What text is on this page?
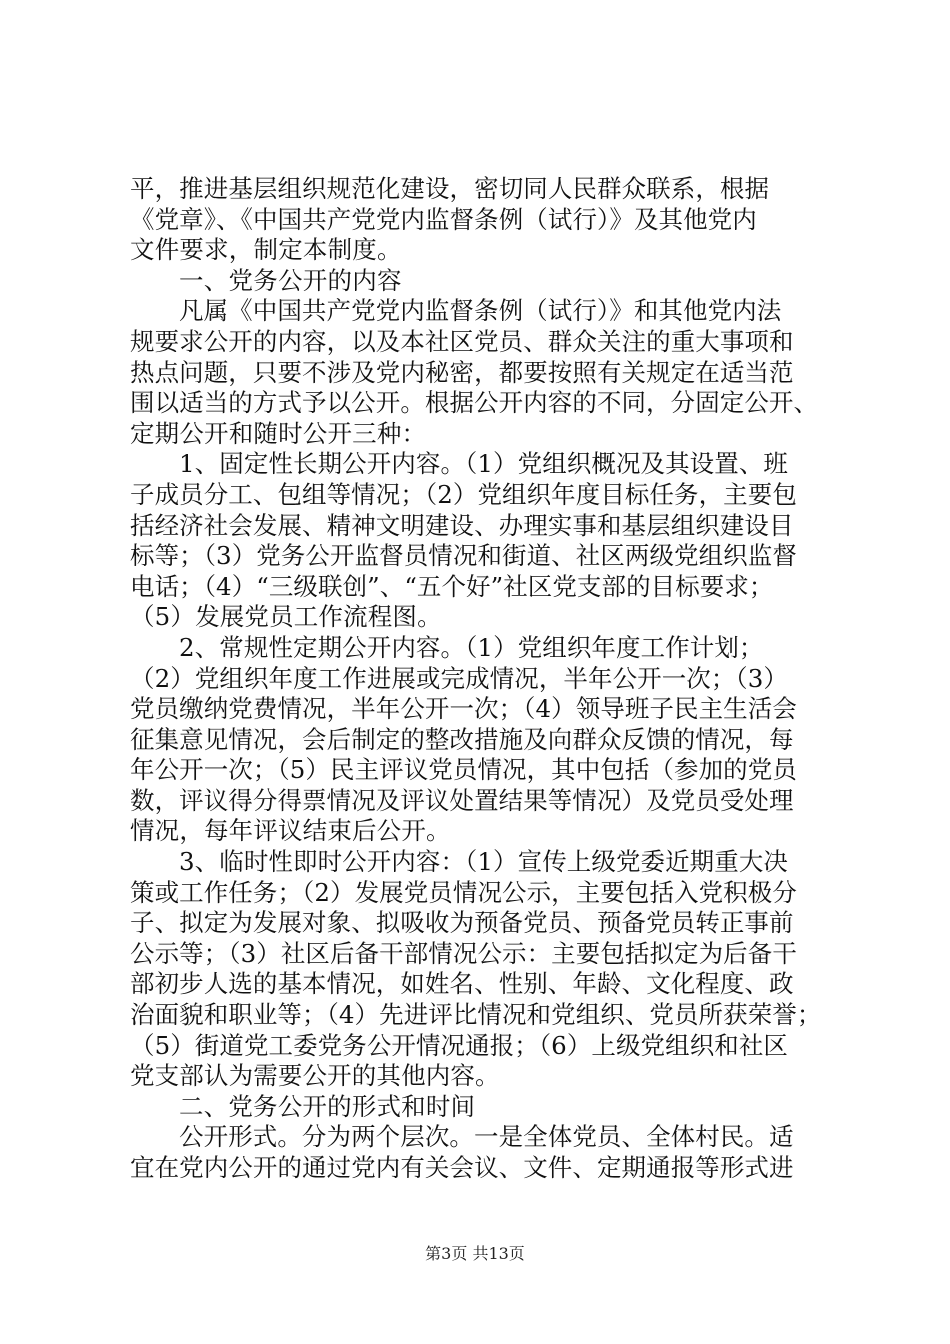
平，推进基层组织规范化建设，密切同人民群众联系，根据
《党章》、《中国共产党党内监督条例（试行）》及其他党内
文件要求，制定本制度。
一、党务公开的内容
凡属《中国共产党党内监督条例（试行）》和其他党内法
规要求公开的内容，以及本社区党员、群众关注的重大事项和
热点问题，只要不涉及党内秘密，都要按照有关规定在适当范
围以适当的方式予以公开。根据公开内容的不同，分固定公开、
定期公开和随时公开三种：
1、固定性长期公开内容。（1）党组织概况及其设置、班
子成员分工、包组等情况；（2）党组织年度目标任务，主要包
括经济社会发展、精神文明建设、办理实事和基层组织建设目
标等；（3）党务公开监督员情况和街道、社区两级党组织监督
电话；（4）“三级联创”、“五个好”社区党支部的目标要求；
（5）发展党员工作流程图。
2、常规性定期公开内容。（1）党组织年度工作计划；
（2）党组织年度工作进展或完成情况，半年公开一次；（3）
党员缴纳党费情况，半年公开一次；（4）领导班子民主生活会
征集意见情况，会后制定的整改措施及向群众反馈的情况，每
年公开一次；（5）民主评议党员情况，其中包括（参加的党员
数，评议得分得票情况及评议处置结果等情况）及党员受处理
情况，每年评议结束后公开。
3、临时性即时公开内容：（1）宣传上级党委近期重大决
策或工作任务；（2）发展党员情况公示，主要包括入党积极分
子、拟定为发展对象、拟吸收为预备党员、预备党员转正事前
公示等；（3）社区后备干部情况公示：主要包括拟定为后备干
部初步人选的基本情况，如姓名、性别、年龄、文化程度、政
治面貌和职业等；（4）先进评比情况和党组织、党员所获荣誉；
（5）街道党工委党务公开情况通报；（6）上级党组织和社区
党支部认为需要公开的其他内容。
二、党务公开的形式和时间
公开形式。分为两个层次。一是全体党员、全体村民。适
宜在党内公开的通过党内有关会议、文件、定期通报等形式进
第3页 共13页
